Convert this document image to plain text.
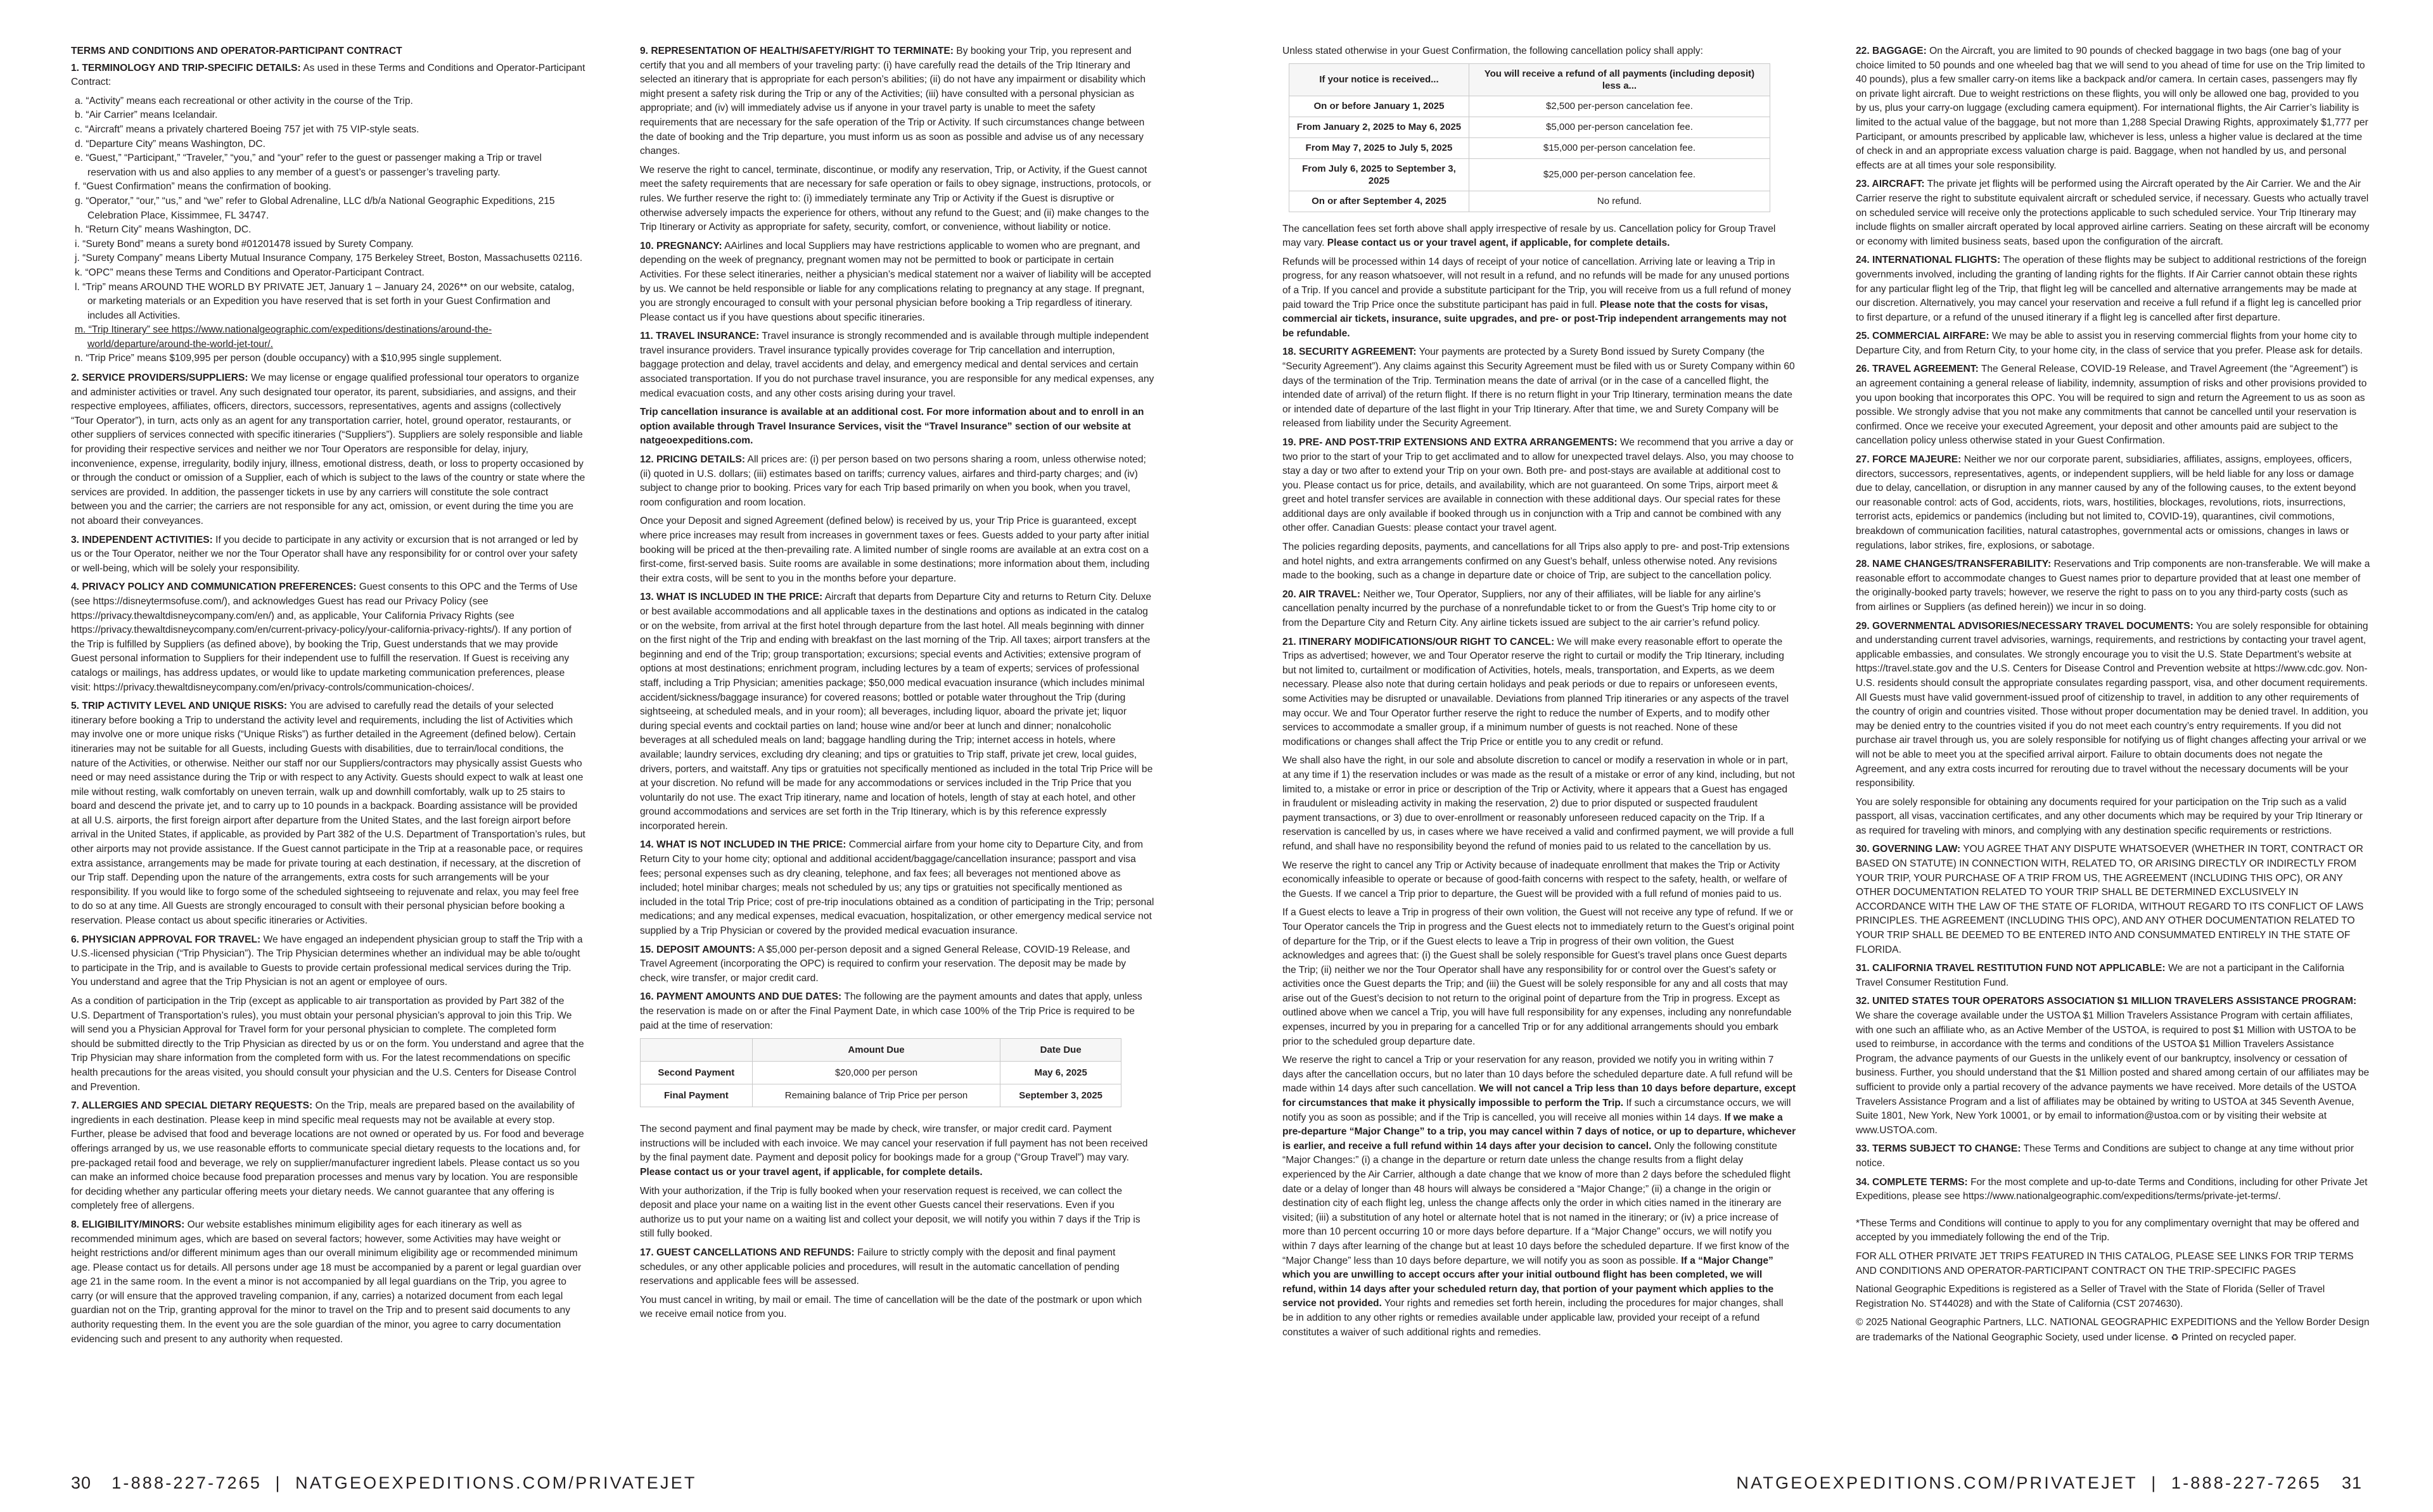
TERMS AND CONDITIONS AND OPERATOR-PARTICIPANT CONTRACT

1. TERMINOLOGY AND TRIP-SPECIFIC DETAILS: As used in these Terms and Conditions and Operator-Participant Contract:

a. “Activity” means each recreational or other activity in the course of the Trip.
b. “Air Carrier” means Icelandair.
c. “Aircraft” means a privately chartered Boeing 757 jet with 75 VIP-style seats.
d. “Departure City” means Washington, DC.
e. “Guest,” “Participant,” “Traveler,” “you,” and “your” refer to the guest or passenger making a Trip or travel reservation with us and also applies to any member of a guest’s or passenger’s traveling party.
f. “Guest Confirmation” means the confirmation of booking.
g. “Operator,” “our,” “us,” and “we” refer to Global Adrenaline, LLC d/b/a National Geographic Expeditions, 215 Celebration Place, Kissimmee, FL 34747.
h. “Return City” means Washington, DC.
i. “Surety Bond” means a surety bond #01201478 issued by Surety Company.
j. “Surety Company” means Liberty Mutual Insurance Company, 175 Berkeley Street, Boston, Massachusetts 02116.
k. “OPC” means these Terms and Conditions and Operator-Participant Contract.
l. “Trip” means AROUND THE WORLD BY PRIVATE JET, January 1 – January 24, 2026** on our website, catalog, or marketing materials or an Expedition you have reserved that is set forth in your Guest Confirmation and includes all Activities.
m. “Trip Itinerary” see https://www.nationalgeographic.com/expeditions/destinations/around-the-world/departure/around-the-world-jet-tour/.
n. “Trip Price” means $109,995 per person (double occupancy) with a $10,995 single supplement.

2. SERVICE PROVIDERS/SUPPLIERS: We may license or engage qualified professional tour operators to organize and administer activities or travel. Any such designated tour operator, its parent, subsidiaries, and assigns, and their respective employees, affiliates, officers, directors, successors, representatives, agents and assigns (collectively “Tour Operator”), in turn, acts only as an agent for any transportation carrier, hotel, ground operator, restaurants, or other suppliers of services connected with specific itineraries (“Suppliers”). Suppliers are solely responsible and liable for providing their respective services and neither we nor Tour Operators are responsible for delay, injury, inconvenience, expense, irregularity, bodily injury, illness, emotional distress, death, or loss to property occasioned by or through the conduct or omission of a Supplier, each of which is subject to the laws of the country or state where the services are provided. In addition, the passenger tickets in use by any carriers will constitute the sole contract between you and the carrier; the carriers are not responsible for any act, omission, or event during the time you are not aboard their conveyances.

3. INDEPENDENT ACTIVITIES: If you decide to participate in any activity or excursion that is not arranged or led by us or the Tour Operator, neither we nor the Tour Operator shall have any responsibility for or control over your safety or well-being, which will be solely your responsibility.

4. PRIVACY POLICY AND COMMUNICATION PREFERENCES: Guest consents to this OPC and the Terms of Use (see https://disneytermsofuse.com/), and acknowledges Guest has read our Privacy Policy (see https://privacy.thewaltdisneycompany.com/en/) and, as applicable, Your California Privacy Rights (see https://privacy.thewaltdisneycompany.com/en/current-privacy-policy/your-california-privacy-rights/). If any portion of the Trip is fulfilled by Suppliers (as defined above), by booking the Trip, Guest understands that we may provide Guest personal information to Suppliers for their independent use to fulfill the reservation. If Guest is receiving any catalogs or mailings, has address updates, or would like to update marketing communication preferences, please visit: https://privacy.thewaltdisneycompany.com/en/privacy-controls/communication-choices/.

5. TRIP ACTIVITY LEVEL AND UNIQUE RISKS: You are advised to carefully read the details of your selected itinerary before booking a Trip to understand the activity level and requirements, including the list of Activities which may involve one or more unique risks (“Unique Risks”) as further detailed in the Agreement (defined below). Certain itineraries may not be suitable for all Guests, including Guests with disabilities, due to terrain/local conditions, the nature of the Activities, or otherwise. Neither our staff nor our Suppliers/contractors may physically assist Guests who need or may need assistance during the Trip or with respect to any Activity. Guests should expect to walk at least one mile without resting, walk comfortably on uneven terrain, walk up and downhill comfortably, walk up to 25 stairs to board and descend the private jet, and to carry up to 10 pounds in a backpack. Boarding assistance will be provided at all U.S. airports, the first foreign airport after departure from the United States, and the last foreign airport before arrival in the United States, if applicable, as provided by Part 382 of the U.S. Department of Transportation’s rules, but other airports may not provide assistance. If the Guest cannot participate in the Trip at a reasonable pace, or requires extra assistance, arrangements may be made for private touring at each destination, if necessary, at the discretion of our Trip staff. Depending upon the nature of the arrangements, extra costs for such arrangements will be your responsibility. If you would like to forgo some of the scheduled sightseeing to rejuvenate and relax, you may feel free to do so at any time. All Guests are strongly encouraged to consult with their personal physician before booking a reservation. Please contact us about specific itineraries or Activities.

6. PHYSICIAN APPROVAL FOR TRAVEL: We have engaged an independent physician group to staff the Trip with a U.S.-licensed physician (“Trip Physician”). The Trip Physician determines whether an individual may be able to/ought to participate in the Trip, and is available to Guests to provide certain professional medical services during the Trip. You understand and agree that the Trip Physician is not an agent or employee of ours.

As a condition of participation in the Trip (except as applicable to air transportation as provided by Part 382 of the U.S. Department of Transportation’s rules), you must obtain your personal physician’s approval to join this Trip. We will send you a Physician Approval for Travel form for your personal physician to complete. The completed form should be submitted directly to the Trip Physician as directed by us or on the form. You understand and agree that the Trip Physician may share information from the completed form with us. For the latest recommendations on specific health precautions for the areas visited, you should consult your physician and the U.S. Centers for Disease Control and Prevention.

7. ALLERGIES AND SPECIAL DIETARY REQUESTS: On the Trip, meals are prepared based on the availability of ingredients in each destination. Please keep in mind specific meal requests may not be available at every stop. Further, please be advised that food and beverage locations are not owned or operated by us. For food and beverage offerings arranged by us, we use reasonable efforts to communicate special dietary requests to the locations and, for pre-packaged retail food and beverage, we rely on supplier/manufacturer ingredient labels. Please contact us so you can make an informed choice because food preparation processes and menus vary by location. You are responsible for deciding whether any particular offering meets your dietary needs. We cannot guarantee that any offering is completely free of allergens.

8. ELIGIBILITY/MINORS: Our website establishes minimum eligibility ages for each itinerary as well as recommended minimum ages, which are based on several factors; however, some Activities may have weight or height restrictions and/or different minimum ages than our overall minimum eligibility age or recommended minimum age. Please contact us for details. All persons under age 18 must be accompanied by a parent or legal guardian over age 21 in the same room. In the event a minor is not accompanied by all legal guardians on the Trip, you agree to carry (or will ensure that the approved traveling companion, if any, carries) a notarized document from each legal guardian not on the Trip, granting approval for the minor to travel on the Trip and to present said documents to any authority requesting them. In the event you are the sole guardian of the minor, you agree to carry documentation evidencing such and present to any authority when requested.

9. REPRESENTATION OF HEALTH/SAFETY/RIGHT TO TERMINATE: By booking your Trip, you represent and certify that you and all members of your traveling party: (i) have carefully read the details of the Trip Itinerary and selected an itinerary that is appropriate for each person’s abilities; (ii) do not have any impairment or disability which might present a safety risk during the Trip or any of the Activities; (iii) have consulted with a personal physician as appropriate; and (iv) will immediately advise us if anyone in your travel party is unable to meet the safety requirements that are necessary for the safe operation of the Trip or Activity. If such circumstances change between the date of booking and the Trip departure, you must inform us as soon as possible and advise us of any necessary changes.

We reserve the right to cancel, terminate, discontinue, or modify any reservation, Trip, or Activity, if the Guest cannot meet the safety requirements that are necessary for safe operation or fails to obey signage, instructions, protocols, or rules. We further reserve the right to: (i) immediately terminate any Trip or Activity if the Guest is disruptive or otherwise adversely impacts the experience for others, without any refund to the Guest; and (ii) make changes to the Trip Itinerary or Activity as appropriate for safety, security, comfort, or convenience, without liability or notice.

10. PREGNANCY: AAirlines and local Suppliers may have restrictions applicable to women who are pregnant, and depending on the week of pregnancy, pregnant women may not be permitted to book or participate in certain Activities. For these select itineraries, neither a physician’s medical statement nor a waiver of liability will be accepted by us. We cannot be held responsible or liable for any complications relating to pregnancy at any stage. If pregnant, you are strongly encouraged to consult with your personal physician before booking a Trip regardless of itinerary. Please contact us if you have questions about specific itineraries.

11. TRAVEL INSURANCE: Travel insurance is strongly recommended and is available through multiple independent travel insurance providers. Travel insurance typically provides coverage for Trip cancellation and interruption, baggage protection and delay, travel accidents and delay, and emergency medical and dental services and certain associated transportation. If you do not purchase travel insurance, you are responsible for any medical expenses, any medical evacuation costs, and any other costs arising during your travel.

Trip cancellation insurance is available at an additional cost. For more information about and to enroll in an option available through Travel Insurance Services, visit the “Travel Insurance” section of our website at natgeoexpeditions.com.

12. PRICING DETAILS: All prices are: (i) per person based on two persons sharing a room, unless otherwise noted; (ii) quoted in U.S. dollars; (iii) estimates based on tariffs; currency values, airfares and third-party charges; and (iv) subject to change prior to booking. Prices vary for each Trip based primarily on when you book, when you travel, room configuration and room location.

Once your Deposit and signed Agreement (defined below) is received by us, your Trip Price is guaranteed, except where price increases may result from increases in government taxes or fees. Guests added to your party after initial booking will be priced at the then-prevailing rate. A limited number of single rooms are available at an extra cost on a first-come, first-served basis. Suite rooms are available in some destinations; more information about them, including their extra costs, will be sent to you in the months before your departure.

13. WHAT IS INCLUDED IN THE PRICE: Aircraft that departs from Departure City and returns to Return City. Deluxe or best available accommodations and all applicable taxes in the destinations and options as indicated in the catalog or on the website, from arrival at the first hotel through departure from the last hotel. All meals beginning with dinner on the first night of the Trip and ending with breakfast on the last morning of the Trip. All taxes; airport transfers at the beginning and end of the Trip; group transportation; excursions; special events and Activities; extensive program of options at most destinations; enrichment program, including lectures by a team of experts; services of professional staff, including a Trip Physician; amenities package; $50,000 medical evacuation insurance (which includes minimal accident/sickness/baggage insurance) for covered reasons; bottled or potable water throughout the Trip (during sightseeing, at scheduled meals, and in your room); all beverages, including liquor, aboard the private jet; liquor during special events and cocktail parties on land; house wine and/or beer at lunch and dinner; nonalcoholic beverages at all scheduled meals on land; baggage handling during the Trip; internet access in hotels, where available; laundry services, excluding dry cleaning; and tips or gratuities to Trip staff, private jet crew, local guides, drivers, porters, and waitstaff. Any tips or gratuities not specifically mentioned as included in the total Trip Price will be at your discretion. No refund will be made for any accommodations or services included in the Trip Price that you voluntarily do not use. The exact Trip itinerary, name and location of hotels, length of stay at each hotel, and other ground accommodations and services are set forth in the Trip Itinerary, which is by this reference expressly incorporated herein.

14. WHAT IS NOT INCLUDED IN THE PRICE: Commercial airfare from your home city to Departure City, and from Return City to your home city; optional and additional accident/baggage/cancellation insurance; passport and visa fees; personal expenses such as dry cleaning, telephone, and fax fees; all beverages not mentioned above as included; hotel minibar charges; meals not scheduled by us; any tips or gratuities not specifically mentioned as included in the total Trip Price; cost of pre-trip inoculations obtained as a condition of participating in the Trip; personal medications; and any medical expenses, medical evacuation, hospitalization, or other emergency medical service not supplied by a Trip Physician or covered by the provided medical evacuation insurance.

15. DEPOSIT AMOUNTS: A $5,000 per-person deposit and a signed General Release, COVID-19 Release, and Travel Agreement (incorporating the OPC) is required to confirm your reservation. The deposit may be made by check, wire transfer, or major credit card.

16. PAYMENT AMOUNTS AND DUE DATES: The following are the payment amounts and dates that apply, unless the reservation is made on or after the Final Payment Date, in which case 100% of the Trip Price is required to be paid at the time of reservation:

	Amount Due	Date Due
Second Payment	$20,000 per person	May 6, 2025
Final Payment	Remaining balance of Trip Price per person	September 3, 2025

The second payment and final payment may be made by check, wire transfer, or major credit card. Payment instructions will be included with each invoice. We may cancel your reservation if full payment has not been received by the final payment date. Payment and deposit policy for bookings made for a group (“Group Travel”) may vary. Please contact us or your travel agent, if applicable, for complete details.

With your authorization, if the Trip is fully booked when your reservation request is received, we can collect the deposit and place your name on a waiting list in the event other Guests cancel their reservations. Even if you authorize us to put your name on a waiting list and collect your deposit, we will notify you within 7 days if the Trip is still fully booked.

17. GUEST CANCELLATIONS AND REFUNDS: Failure to strictly comply with the deposit and final payment schedules, or any other applicable policies and procedures, will result in the automatic cancellation of pending reservations and applicable fees will be assessed.

You must cancel in writing, by mail or email. The time of cancellation will be the date of the postmark or upon which we receive email notice from you.

Unless stated otherwise in your Guest Confirmation, the following cancellation policy shall apply:

If your notice is received...	You will receive a refund of all payments (including deposit) less a...
On or before January 1, 2025	$2,500 per-person cancelation fee.
From January 2, 2025 to May 6, 2025	$5,000 per-person cancelation fee.
From May 7, 2025 to July 5, 2025	$15,000 per-person cancelation fee.
From July 6, 2025 to September 3, 2025	$25,000 per-person cancelation fee.
On or after September 4, 2025	No refund.

The cancellation fees set forth above shall apply irrespective of resale by us. Cancellation policy for Group Travel may vary. Please contact us or your travel agent, if applicable, for complete details.

Refunds will be processed within 14 days of receipt of your notice of cancellation. Arriving late or leaving a Trip in progress, for any reason whatsoever, will not result in a refund, and no refunds will be made for any unused portions of a Trip. If you cancel and provide a substitute participant for the Trip, you will receive from us a full refund of money paid toward the Trip Price once the substitute participant has paid in full. Please note that the costs for visas, commercial air tickets, insurance, suite upgrades, and pre- or post-Trip independent arrangements may not be refundable.

18. SECURITY AGREEMENT: Your payments are protected by a Surety Bond issued by Surety Company (the “Security Agreement”). Any claims against this Security Agreement must be filed with us or Surety Company within 60 days of the termination of the Trip. Termination means the date of arrival (or in the case of a cancelled flight, the intended date of arrival) of the return flight. If there is no return flight in your Trip Itinerary, termination means the date or intended date of departure of the last flight in your Trip Itinerary. After that time, we and Surety Company will be released from liability under the Security Agreement.

19. PRE- AND POST-TRIP EXTENSIONS AND EXTRA ARRANGEMENTS: We recommend that you arrive a day or two prior to the start of your Trip to get acclimated and to allow for unexpected travel delays. Also, you may choose to stay a day or two after to extend your Trip on your own. Both pre- and post-stays are available at additional cost to you. Please contact us for price, details, and availability, which are not guaranteed. On some Trips, airport meet & greet and hotel transfer services are available in connection with these additional days. Our special rates for these additional days are only available if booked through us in conjunction with a Trip and cannot be combined with any other offer. Canadian Guests: please contact your travel agent.

The policies regarding deposits, payments, and cancellations for all Trips also apply to pre- and post-Trip extensions and hotel nights, and extra arrangements confirmed on any Guest’s behalf, unless otherwise noted. Any revisions made to the booking, such as a change in departure date or choice of Trip, are subject to the cancellation policy.

20. AIR TRAVEL: Neither we, Tour Operator, Suppliers, nor any of their affiliates, will be liable for any airline’s cancellation penalty incurred by the purchase of a nonrefundable ticket to or from the Guest’s Trip home city to or from the Departure City and Return City. Any airline tickets issued are subject to the air carrier’s refund policy.

21. ITINERARY MODIFICATIONS/OUR RIGHT TO CANCEL: We will make every reasonable effort to operate the Trips as advertised; however, we and Tour Operator reserve the right to curtail or modify the Trip Itinerary, including but not limited to, curtailment or modification of Activities, hotels, meals, transportation, and Experts, as we deem necessary. Please also note that during certain holidays and peak periods or due to repairs or unforeseen events, some Activities may be disrupted or unavailable. Deviations from planned Trip itineraries or any aspects of the travel may occur. We and Tour Operator further reserve the right to reduce the number of Experts, and to modify other services to accommodate a smaller group, if a minimum number of guests is not reached. None of these modifications or changes shall affect the Trip Price or entitle you to any credit or refund.

We shall also have the right, in our sole and absolute discretion to cancel or modify a reservation in whole or in part, at any time if 1) the reservation includes or was made as the result of a mistake or error of any kind, including, but not limited to, a mistake or error in price or description of the Trip or Activity, where it appears that a Guest has engaged in fraudulent or misleading activity in making the reservation, 2) due to prior disputed or suspected fraudulent payment transactions, or 3) due to over-enrollment or reasonably unforeseen reduced capacity on the Trip. If a reservation is cancelled by us, in cases where we have received a valid and confirmed payment, we will provide a full refund, and shall have no responsibility beyond the refund of monies paid to us related to the cancellation by us.

We reserve the right to cancel any Trip or Activity because of inadequate enrollment that makes the Trip or Activity economically infeasible to operate or because of good-faith concerns with respect to the safety, health, or welfare of the Guests. If we cancel a Trip prior to departure, the Guest will be provided with a full refund of monies paid to us.

If a Guest elects to leave a Trip in progress of their own volition, the Guest will not receive any type of refund. If we or Tour Operator cancels the Trip in progress and the Guest elects not to immediately return to the Guest’s original point of departure for the Trip, or if the Guest elects to leave a Trip in progress of their own volition, the Guest acknowledges and agrees that: (i) the Guest shall be solely responsible for Guest’s travel plans once Guest departs the Trip; (ii) neither we nor the Tour Operator shall have any responsibility for or control over the Guest’s safety or activities once the Guest departs the Trip; and (iii) the Guest will be solely responsible for any and all costs that may arise out of the Guest’s decision to not return to the original point of departure from the Trip in progress. Except as outlined above when we cancel a Trip, you will have full responsibility for any expenses, including any nonrefundable expenses, incurred by you in preparing for a cancelled Trip or for any additional arrangements should you embark prior to the scheduled group departure date.

We reserve the right to cancel a Trip or your reservation for any reason, provided we notify you in writing within 7 days after the cancellation occurs, but no later than 10 days before the scheduled departure date. A full refund will be made within 14 days after such cancellation. We will not cancel a Trip less than 10 days before departure, except for circumstances that make it physically impossible to perform the Trip. If such a circumstance occurs, we will notify you as soon as possible; and if the Trip is cancelled, you will receive all monies within 14 days. If we make a pre-departure “Major Change” to a trip, you may cancel within 7 days of notice, or up to departure, whichever is earlier, and receive a full refund within 14 days after your decision to cancel. Only the following constitute “Major Changes:” (i) a change in the departure or return date unless the change results from a flight delay experienced by the Air Carrier, although a date change that we know of more than 2 days before the scheduled flight date or a delay of longer than 48 hours will always be considered a “Major Change;” (ii) a change in the origin or destination city of each flight leg, unless the change affects only the order in which cities named in the itinerary are visited; (iii) a substitution of any hotel or alternate hotel that is not named in the itinerary; or (iv) a price increase of more than 10 percent occurring 10 or more days before departure. If a “Major Change” occurs, we will notify you within 7 days after learning of the change but at least 10 days before the scheduled departure. If we first know of the “Major Change” less than 10 days before departure, we will notify you as soon as possible. If a “Major Change” which you are unwilling to accept occurs after your initial outbound flight has been completed, we will refund, within 14 days after your scheduled return day, that portion of your payment which applies to the service not provided. Your rights and remedies set forth herein, including the procedures for major changes, shall be in addition to any other rights or remedies available under applicable law, provided your receipt of a refund constitutes a waiver of such additional rights and remedies.

22. BAGGAGE: On the Aircraft, you are limited to 90 pounds of checked baggage in two bags (one bag of your choice limited to 50 pounds and one wheeled bag that we will send to you ahead of time for use on the Trip limited to 40 pounds), plus a few smaller carry-on items like a backpack and/or camera. In certain cases, passengers may fly on private light aircraft. Due to weight restrictions on these flights, you will only be allowed one bag, provided to you by us, plus your carry-on luggage (excluding camera equipment). For international flights, the Air Carrier’s liability is limited to the actual value of the baggage, but not more than 1,288 Special Drawing Rights, approximately $1,777 per Participant, or amounts prescribed by applicable law, whichever is less, unless a higher value is declared at the time of check in and an appropriate excess valuation charge is paid. Baggage, when not handled by us, and personal effects are at all times your sole responsibility.

23. AIRCRAFT: The private jet flights will be performed using the Aircraft operated by the Air Carrier. We and the Air Carrier reserve the right to substitute equivalent aircraft or scheduled service, if necessary. Guests who actually travel on scheduled service will receive only the protections applicable to such scheduled service. Your Trip Itinerary may include flights on smaller aircraft operated by local approved airline carriers. Seating on these aircraft will be economy or economy with limited business seats, based upon the configuration of the aircraft.

24. INTERNATIONAL FLIGHTS: The operation of these flights may be subject to additional restrictions of the foreign governments involved, including the granting of landing rights for the flights. If Air Carrier cannot obtain these rights for any particular flight leg of the Trip, that flight leg will be cancelled and alternative arrangements may be made at our discretion. Alternatively, you may cancel your reservation and receive a full refund if a flight leg is cancelled prior to first departure, or a refund of the unused itinerary if a flight leg is cancelled after first departure.

25. COMMERCIAL AIRFARE: We may be able to assist you in reserving commercial flights from your home city to Departure City, and from Return City, to your home city, in the class of service that you prefer. Please ask for details.

26. TRAVEL AGREEMENT: The General Release, COVID-19 Release, and Travel Agreement (the “Agreement”) is an agreement containing a general release of liability, indemnity, assumption of risks and other provisions provided to you upon booking that incorporates this OPC. You will be required to sign and return the Agreement to us as soon as possible. We strongly advise that you not make any commitments that cannot be cancelled until your reservation is confirmed. Once we receive your executed Agreement, your deposit and other amounts paid are subject to the cancellation policy unless otherwise stated in your Guest Confirmation.

27. FORCE MAJEURE: Neither we nor our corporate parent, subsidiaries, affiliates, assigns, employees, officers, directors, successors, representatives, agents, or independent suppliers, will be held liable for any loss or damage due to delay, cancellation, or disruption in any manner caused by any of the following causes, to the extent beyond our reasonable control: acts of God, accidents, riots, wars, hostilities, blockages, revolutions, riots, insurrections, terrorist acts, epidemics or pandemics (including but not limited to, COVID-19), quarantines, civil commotions, breakdown of communication facilities, natural catastrophes, governmental acts or omissions, changes in laws or regulations, labor strikes, fire, explosions, or sabotage.

28. NAME CHANGES/TRANSFERABILITY: Reservations and Trip components are non-transferable. We will make a reasonable effort to accommodate changes to Guest names prior to departure provided that at least one member of the originally-booked party travels; however, we reserve the right to pass on to you any third-party costs (such as from airlines or Suppliers (as defined herein)) we incur in so doing.

29. GOVERNMENTAL ADVISORIES/NECESSARY TRAVEL DOCUMENTS: You are solely responsible for obtaining and understanding current travel advisories, warnings, requirements, and restrictions by contacting your travel agent, applicable embassies, and consulates. We strongly encourage you to visit the U.S. State Department’s website at https://travel.state.gov and the U.S. Centers for Disease Control and Prevention website at https://www.cdc.gov. Non-U.S. residents should consult the appropriate consulates regarding passport, visa, and other document requirements. All Guests must have valid government-issued proof of citizenship to travel, in addition to any other requirements of the country of origin and countries visited. Those without proper documentation may be denied travel. In addition, you may be denied entry to the countries visited if you do not meet each country’s entry requirements. If you did not purchase air travel through us, you are solely responsible for notifying us of flight changes affecting your arrival or we will not be able to meet you at the specified arrival airport. Failure to obtain documents does not negate the Agreement, and any extra costs incurred for rerouting due to travel without the necessary documents will be your responsibility.

You are solely responsible for obtaining any documents required for your participation on the Trip such as a valid passport, all visas, vaccination certificates, and any other documents which may be required by your Trip Itinerary or as required for traveling with minors, and complying with any destination specific requirements or restrictions.

30. GOVERNING LAW: YOU AGREE THAT ANY DISPUTE WHATSOEVER (WHETHER IN TORT, CONTRACT OR BASED ON STATUTE) IN CONNECTION WITH, RELATED TO, OR ARISING DIRECTLY OR INDIRECTLY FROM YOUR TRIP, YOUR PURCHASE OF A TRIP FROM US, THE AGREEMENT (INCLUDING THIS OPC), OR ANY OTHER DOCUMENTATION RELATED TO YOUR TRIP SHALL BE DETERMINED EXCLUSIVELY IN ACCORDANCE WITH THE LAW OF THE STATE OF FLORIDA, WITHOUT REGARD TO ITS CONFLICT OF LAWS PRINCIPLES. THE AGREEMENT (INCLUDING THIS OPC), AND ANY OTHER DOCUMENTATION RELATED TO YOUR TRIP SHALL BE DEEMED TO BE ENTERED INTO AND CONSUMMATED ENTIRELY IN THE STATE OF FLORIDA.

31. CALIFORNIA TRAVEL RESTITUTION FUND NOT APPLICABLE: We are not a participant in the California Travel Consumer Restitution Fund.

32. UNITED STATES TOUR OPERATORS ASSOCIATION $1 MILLION TRAVELERS ASSISTANCE PROGRAM: We share the coverage available under the USTOA $1 Million Travelers Assistance Program with certain affiliates, with one such an affiliate who, as an Active Member of the USTOA, is required to post $1 Million with USTOA to be used to reimburse, in accordance with the terms and conditions of the USTOA $1 Million Travelers Assistance Program, the advance payments of our Guests in the unlikely event of our bankruptcy, insolvency or cessation of business. Further, you should understand that the $1 Million posted and shared among certain of our affiliates may be sufficient to provide only a partial recovery of the advance payments we have received. More details of the USTOA Travelers Assistance Program and a list of affiliates may be obtained by writing to USTOA at 345 Seventh Avenue, Suite 1801, New York, New York 10001, or by email to information@ustoa.com or by visiting their website at www.USTOA.com.

33. TERMS SUBJECT TO CHANGE: These Terms and Conditions are subject to change at any time without prior notice.

34. COMPLETE TERMS: For the most complete and up-to-date Terms and Conditions, including for other Private Jet Expeditions, please see https://www.nationalgeographic.com/expeditions/terms/private-jet-terms/.

*These Terms and Conditions will continue to apply to you for any complimentary overnight that may be offered and accepted by you immediately following the end of the Trip.

FOR ALL OTHER PRIVATE JET TRIPS FEATURED IN THIS CATALOG, PLEASE SEE LINKS FOR TRIP TERMS AND CONDITIONS AND OPERATOR-PARTICIPANT CONTRACT ON THE TRIP-SPECIFIC PAGES

National Geographic Expeditions is registered as a Seller of Travel with the State of Florida (Seller of Travel Registration No. ST44028) and with the State of California (CST 2074630).

© 2025 National Geographic Partners, LLC. NATIONAL GEOGRAPHIC EXPEDITIONS and the Yellow Border Design are trademarks of the National Geographic Society, used under license. ♻ Printed on recycled paper.

30 1-888-227-7265 | NATGEOEXPEDITIONS.COM/PRIVATEJET	NATGEOEXPEDITIONS.COM/PRIVATEJET | 1-888-227-7265 31
